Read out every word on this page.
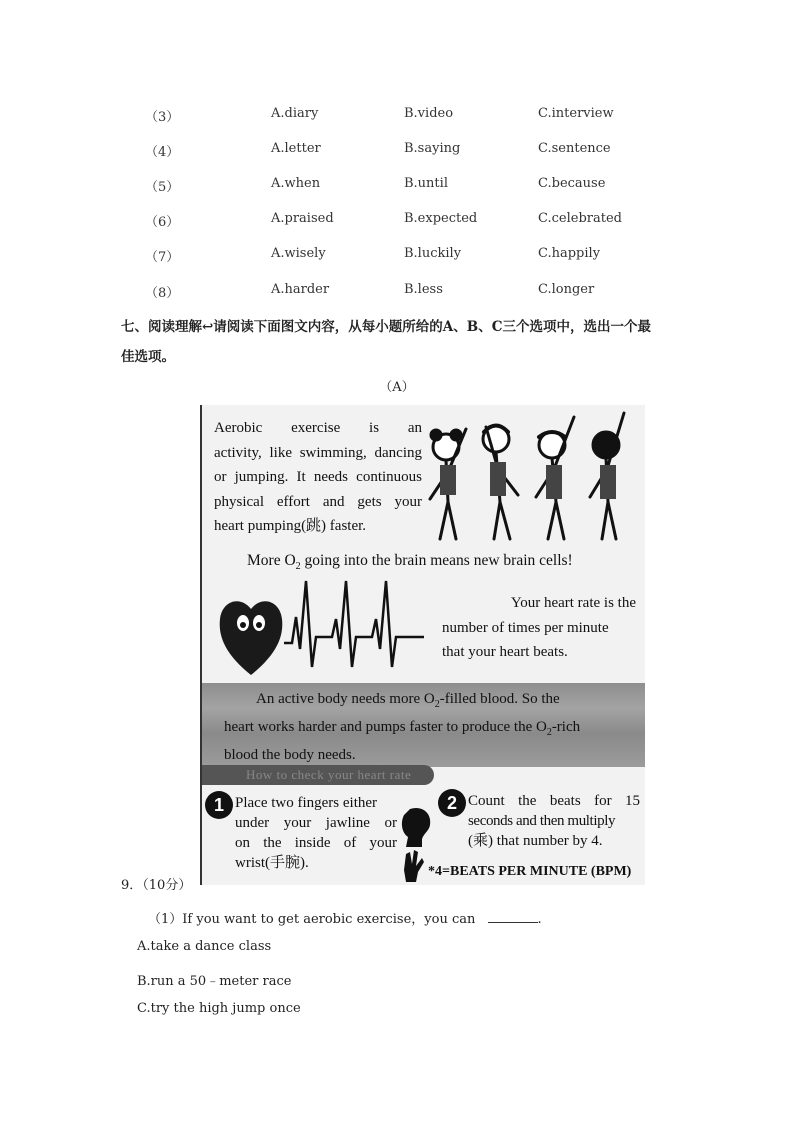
（3）	A.diary	B.video	C.interview
（4）	A.letter	B.saying	C.sentence
（5）	A.when	B.until	C.because
（6）	A.praised	B.expected	C.celebrated
（7）	A.wisely	B.luckily	C.happily
（8）	A.harder	B.less	C.longer
七、阅读理解↩请阅读下面图文内容，从每小题所给的A、B、C三个选项中，选出一个最
佳选项。
（A）
Aerobic exercise is an
activity, like swimming, dancing
or jumping. It needs continuous
physical effort and gets your
heart pumping(跳) faster.
More $O_2$ going into the brain means new brain cells!
Your heart rate is the
number of times per minute
that your heart beats.
An active body needs more $O_2$-filled blood. So the
heart works harder and pumps faster to produce the $O_2$-rich
blood the body needs.
How to check your heart rate
1 Place two fingers either
under your jawline or
on the inside of your
wrist(手腕).
2 Count the beats for 15
seconds and then multiply
(乘) that number by 4.
*4=BEATS PER MINUTE (BPM)
9．（10分）
（1）If you want to get aerobic exercise，you can	.
A.take a dance class
B.run a 50﹣meter race
C.try the high jump once
